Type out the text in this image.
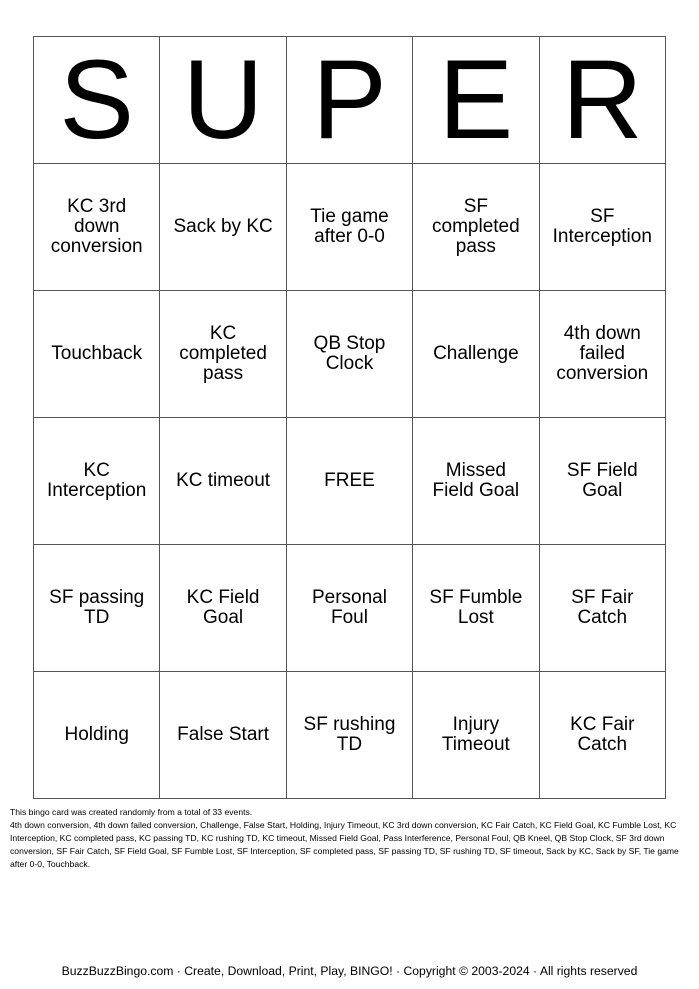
S	U	P	E	R
KC 3rd down conversion	Sack by KC	Tie game after 0-0	SF completed pass	SF Interception
Touchback	KC completed pass	QB Stop Clock	Challenge	4th down failed conversion
KC Interception	KC timeout	FREE	Missed Field Goal	SF Field Goal
SF passing TD	KC Field Goal	Personal Foul	SF Fumble Lost	SF Fair Catch
Holding	False Start	SF rushing TD	Injury Timeout	KC Fair Catch
This bingo card was created randomly from a total of 33 events.
4th down conversion, 4th down failed conversion, Challenge, False Start, Holding, Injury Timeout, KC 3rd down conversion, KC Fair Catch, KC Field Goal, KC Fumble Lost, KC Interception, KC completed pass, KC passing TD, KC rushing TD, KC timeout, Missed Field Goal, Pass Interference, Personal Foul, QB Kneel, QB Stop Clock, SF 3rd down conversion, SF Fair Catch, SF Field Goal, SF Fumble Lost, SF Interception, SF completed pass, SF passing TD, SF rushing TD, SF timeout, Sack by KC, Sack by SF, Tie game after 0-0, Touchback.
BuzzBuzzBingo.com · Create, Download, Print, Play, BINGO! · Copyright © 2003-2024 · All rights reserved
